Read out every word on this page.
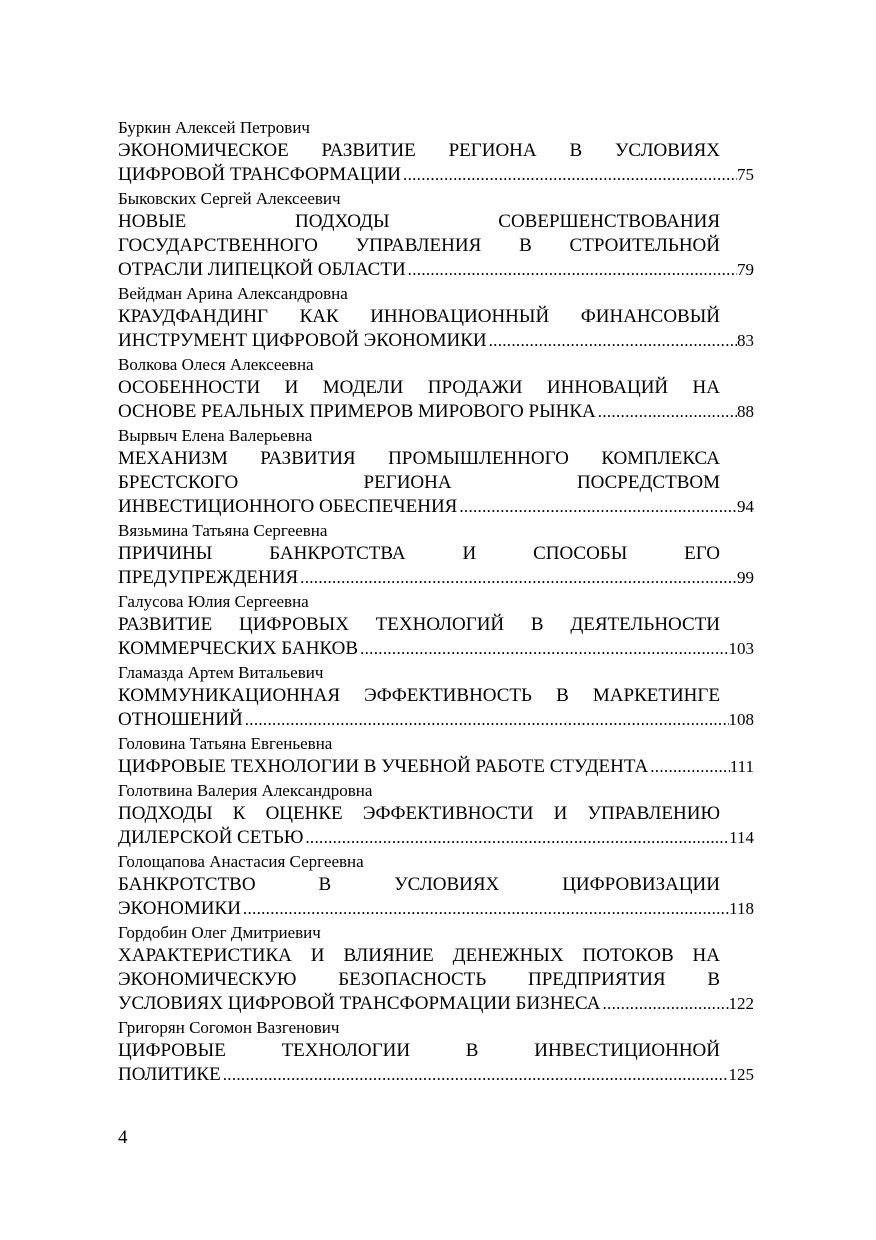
Буркин Алексей Петрович
ЭКОНОМИЧЕСКОЕ РАЗВИТИЕ РЕГИОНА В УСЛОВИЯХ
ЦИФРОВОЙ ТРАНСФОРМАЦИИ .....	75
Быковских Сергей Алексеевич
НОВЫЕ ПОДХОДЫ СОВЕРШЕНСТВОВАНИЯ
ГОСУДАРСТВЕННОГО УПРАВЛЕНИЯ В СТРОИТЕЛЬНОЙ
ОТРАСЛИ ЛИПЕЦКОЙ ОБЛАСТИ .....	79
Вейдман Арина Александровна
КРАУДФАНДИНГ КАК ИННОВАЦИОННЫЙ ФИНАНСОВЫЙ
ИНСТРУМЕНТ ЦИФРОВОЙ ЭКОНОМИКИ .....	83
Волкова Олеся Алексеевна
ОСОБЕННОСТИ И МОДЕЛИ ПРОДАЖИ ИННОВАЦИЙ НА
ОСНОВЕ РЕАЛЬНЫХ ПРИМЕРОВ МИРОВОГО РЫНКА .....	88
Вырвыч Елена Валерьевна
МЕХАНИЗМ РАЗВИТИЯ ПРОМЫШЛЕННОГО КОМПЛЕКСА
БРЕСТСКОГО РЕГИОНА ПОСРЕДСТВОМ
ИНВЕСТИЦИОННОГО ОБЕСПЕЧЕНИЯ .....	94
Вязьмина Татьяна Сергеевна
ПРИЧИНЫ БАНКРОТСТВА И СПОСОБЫ ЕГО
ПРЕДУПРЕЖДЕНИЯ .....	99
Галусова Юлия Сергеевна
РАЗВИТИЕ ЦИФРОВЫХ ТЕХНОЛОГИЙ В ДЕЯТЕЛЬНОСТИ
КОММЕРЧЕСКИХ БАНКОВ .....	103
Гламазда Артем Витальевич
КОММУНИКАЦИОННАЯ ЭФФЕКТИВНОСТЬ В МАРКЕТИНГЕ
ОТНОШЕНИЙ .....	108
Головина Татьяна Евгеньевна
ЦИФРОВЫЕ ТЕХНОЛОГИИ В УЧЕБНОЙ РАБОТЕ СТУДЕНТА .....	111
Голотвина Валерия Александровна
ПОДХОДЫ К ОЦЕНКЕ ЭФФЕКТИВНОСТИ И УПРАВЛЕНИЮ
ДИЛЕРСКОЙ СЕТЬЮ .....	114
Голощапова Анастасия Сергеевна
БАНКРОТСТВО В УСЛОВИЯХ ЦИФРОВИЗАЦИИ
ЭКОНОМИКИ .....	118
Гордобин Олег Дмитриевич
ХАРАКТЕРИСТИКА И ВЛИЯНИЕ ДЕНЕЖНЫХ ПОТОКОВ НА
ЭКОНОМИЧЕСКУЮ БЕЗОПАСНОСТЬ ПРЕДПРИЯТИЯ В
УСЛОВИЯХ ЦИФРОВОЙ ТРАНСФОРМАЦИИ БИЗНЕСА .....	122
Григорян Согомон Вазгенович
ЦИФРОВЫЕ ТЕХНОЛОГИИ В ИНВЕСТИЦИОННОЙ
ПОЛИТИКЕ .....	125
4
